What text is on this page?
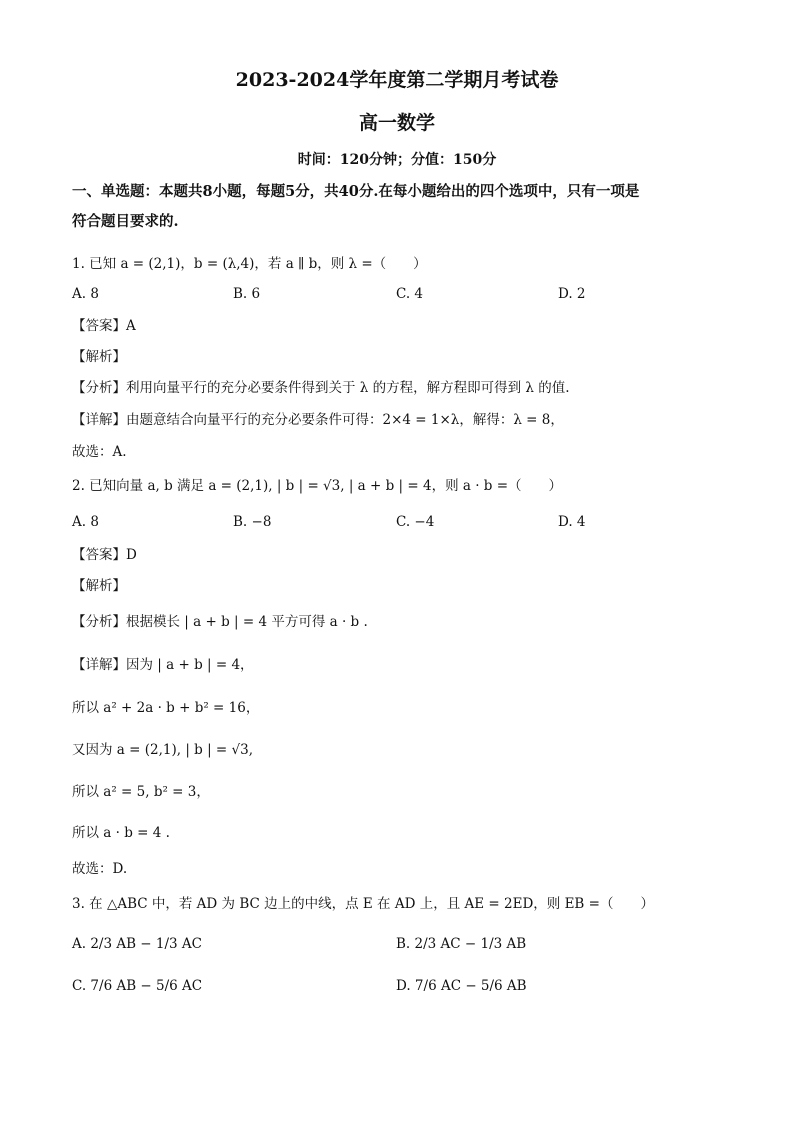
2023-2024学年度第二学期月考试卷
高一数学
时间：120分钟；分值：150分
一、单选题：本题共8小题，每题5分，共40分.在每小题给出的四个选项中，只有一项是
符合题目要求的.
1. 已知 a = (2,1)，b = (λ,4)，若 a ∥ b，则 λ =（　　）
A. 8	B. 6	C. 4	D. 2
【答案】A
【解析】
【分析】利用向量平行的充分必要条件得到关于 λ 的方程，解方程即可得到 λ 的值.
【详解】由题意结合向量平行的充分必要条件可得：2×4 = 1×λ，解得：λ = 8，
故选：A.
2. 已知向量 a, b 满足 a = (2,1), | b | = √3, | a + b | = 4，则 a · b =（　　）
A. 8	B. −8	C. −4	D. 4
【答案】D
【解析】
【分析】根据模长 | a + b | = 4 平方可得 a · b .
【详解】因为 | a + b | = 4，
所以 a² + 2a · b + b² = 16，
又因为 a = (2,1), | b | = √3,
所以 a² = 5, b² = 3，
所以 a · b = 4 .
故选：D.
3. 在 △ABC 中，若 AD 为 BC 边上的中线，点 E 在 AD 上，且 AE = 2ED，则 EB =（　　）
A. 2/3 AB − 1/3 AC	B. 2/3 AC − 1/3 AB
C. 7/6 AB − 5/6 AC	D. 7/6 AC − 5/6 AB
